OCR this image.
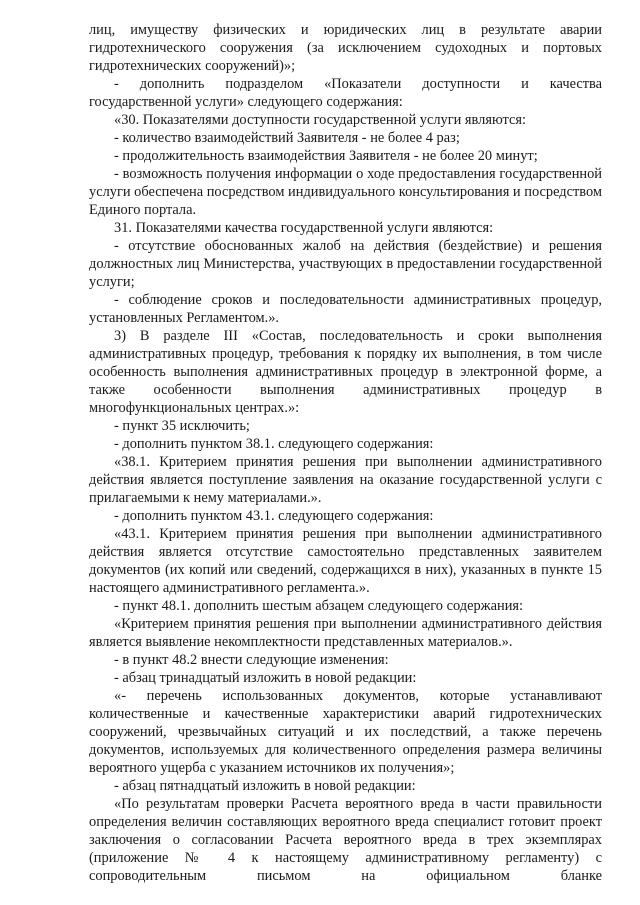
лиц, имуществу физических и юридических лиц в результате аварии гидротехнического сооружения (за исключением судоходных и портовых гидротехнических сооружений)»;

- дополнить подразделом «Показатели доступности и качества государственной услуги» следующего содержания:

«30. Показателями доступности государственной услуги являются:

- количество взаимодействий Заявителя - не более 4 раз;

- продолжительность взаимодействия Заявителя - не более 20 минут;

- возможность получения информации о ходе предоставления государственной услуги обеспечена посредством индивидуального консультирования и посредством Единого портала.

31. Показателями качества государственной услуги являются:

- отсутствие обоснованных жалоб на действия (бездействие) и решения должностных лиц Министерства, участвующих в предоставлении государственной услуги;

- соблюдение сроков и последовательности административных процедур, установленных Регламентом.».

3) В разделе III «Состав, последовательность и сроки выполнения административных процедур, требования к порядку их выполнения, в том числе особенность выполнения административных процедур в электронной форме, а также особенности выполнения административных процедур в многофункциональных центрах.»:

- пункт 35 исключить;

- дополнить пунктом 38.1. следующего содержания:

«38.1. Критерием принятия решения при выполнении административного действия является поступление заявления на оказание государственной услуги с прилагаемыми к нему материалами.».

- дополнить пунктом 43.1. следующего содержания:

«43.1. Критерием принятия решения при выполнении административного действия является отсутствие самостоятельно представленных заявителем документов (их копий или сведений, содержащихся в них), указанных в пункте 15 настоящего административного регламента.».

- пункт 48.1. дополнить шестым абзацем следующего содержания:

«Критерием принятия решения при выполнении административного действия является выявление некомплектности представленных материалов.».

- в пункт 48.2 внести следующие изменения:

- абзац тринадцатый изложить в новой редакции:

«- перечень использованных документов, которые устанавливают количественные и качественные характеристики аварий гидротехнических сооружений, чрезвычайных ситуаций и их последствий, а также перечень документов, используемых для количественного определения размера величины вероятного ущерба с указанием источников их получения»;

- абзац пятнадцатый изложить в новой редакции:

«По результатам проверки Расчета вероятного вреда в части правильности определения величин составляющих вероятного вреда специалист готовит проект заключения о согласовании Расчета вероятного вреда в трех экземплярах (приложение № 4 к настоящему административному регламенту) с сопроводительным письмом на официальном бланке
